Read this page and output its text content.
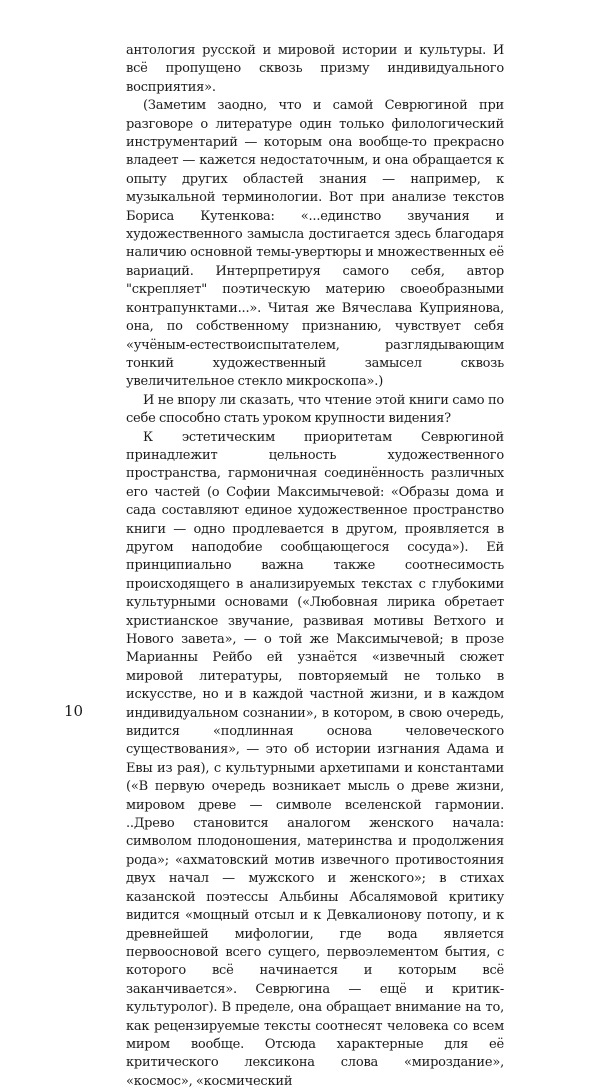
антология русской и мировой истории и культуры. И всё пропущено сквозь призму индивидуального восприятия».

(Заметим заодно, что и самой Севрюгиной при разговоре о литературе один только филологический инструментарий — которым она вообще-то прекрасно владеет — кажется недостаточным, и она обращается к опыту других областей знания — например, к музыкальной терминологии. Вот при анализе текстов Бориса Кутенкова: «...единство звучания и художественного замысла достигается здесь благодаря наличию основной темы-увертюры и множественных её вариаций. Интерпретируя самого себя, автор "скрепляет" поэтическую материю своеобразными контрапунктами...». Читая же Вячеслава Куприянова, она, по собственному признанию, чувствует себя «учёным-естествоиспытателем, разглядывающим тонкий художественный замысел сквозь увеличительное стекло микроскопа».)

И не впору ли сказать, что чтение этой книги само по себе способно стать уроком крупности видения?

К эстетическим приоритетам Севрюгиной принадлежит цельность художественного пространства, гармоничная соединённость различных его частей (о Софии Максимычевой: «Образы дома и сада составляют единое художественное пространство книги — одно продлевается в другом, проявляется в другом наподобие сообщающегося сосуда»). Ей принципиально важна также соотнесимость происходящего в анализируемых текстах с глубокими культурными основами («Любовная лирика обретает христианское звучание, развивая мотивы Ветхого и Нового завета», — о той же Максимычевой; в прозе Марианны Рейбо ей узнаётся «извечный сюжет мировой литературы, повторяемый не только в искусстве, но и в каждой частной жизни, и в каждом индивидуальном сознании», в котором, в свою очередь, видится «подлинная основа человеческого существования», — это об истории изгнания Адама и Евы из рая), с культурными архетипами и константами («В первую очередь возникает мысль о древе жизни, мировом древе — символе вселенской гармонии. ..Древо становится аналогом женского начала: символом плодоношения, материнства и продолжения рода»; «ахматовский мотив извечного противостояния двух начал — мужского и женского»; в стихах казанской поэтессы Альбины Абсалямовой критику видится «мощный отсыл и к Девкалионову потопу, и к древнейшей мифологии, где вода является первоосновой всего сущего, первоэлементом бытия, с которого всё начинается и которым всё заканчивается». Севрюгина — ещё и критик-культуролог). В пределе, она обращает внимание на то, как рецензируемые тексты соотнесят человека со всем миром вообще. Отсюда характерные для её критического лексикона слова «мироздание», «космос», «космический

10
